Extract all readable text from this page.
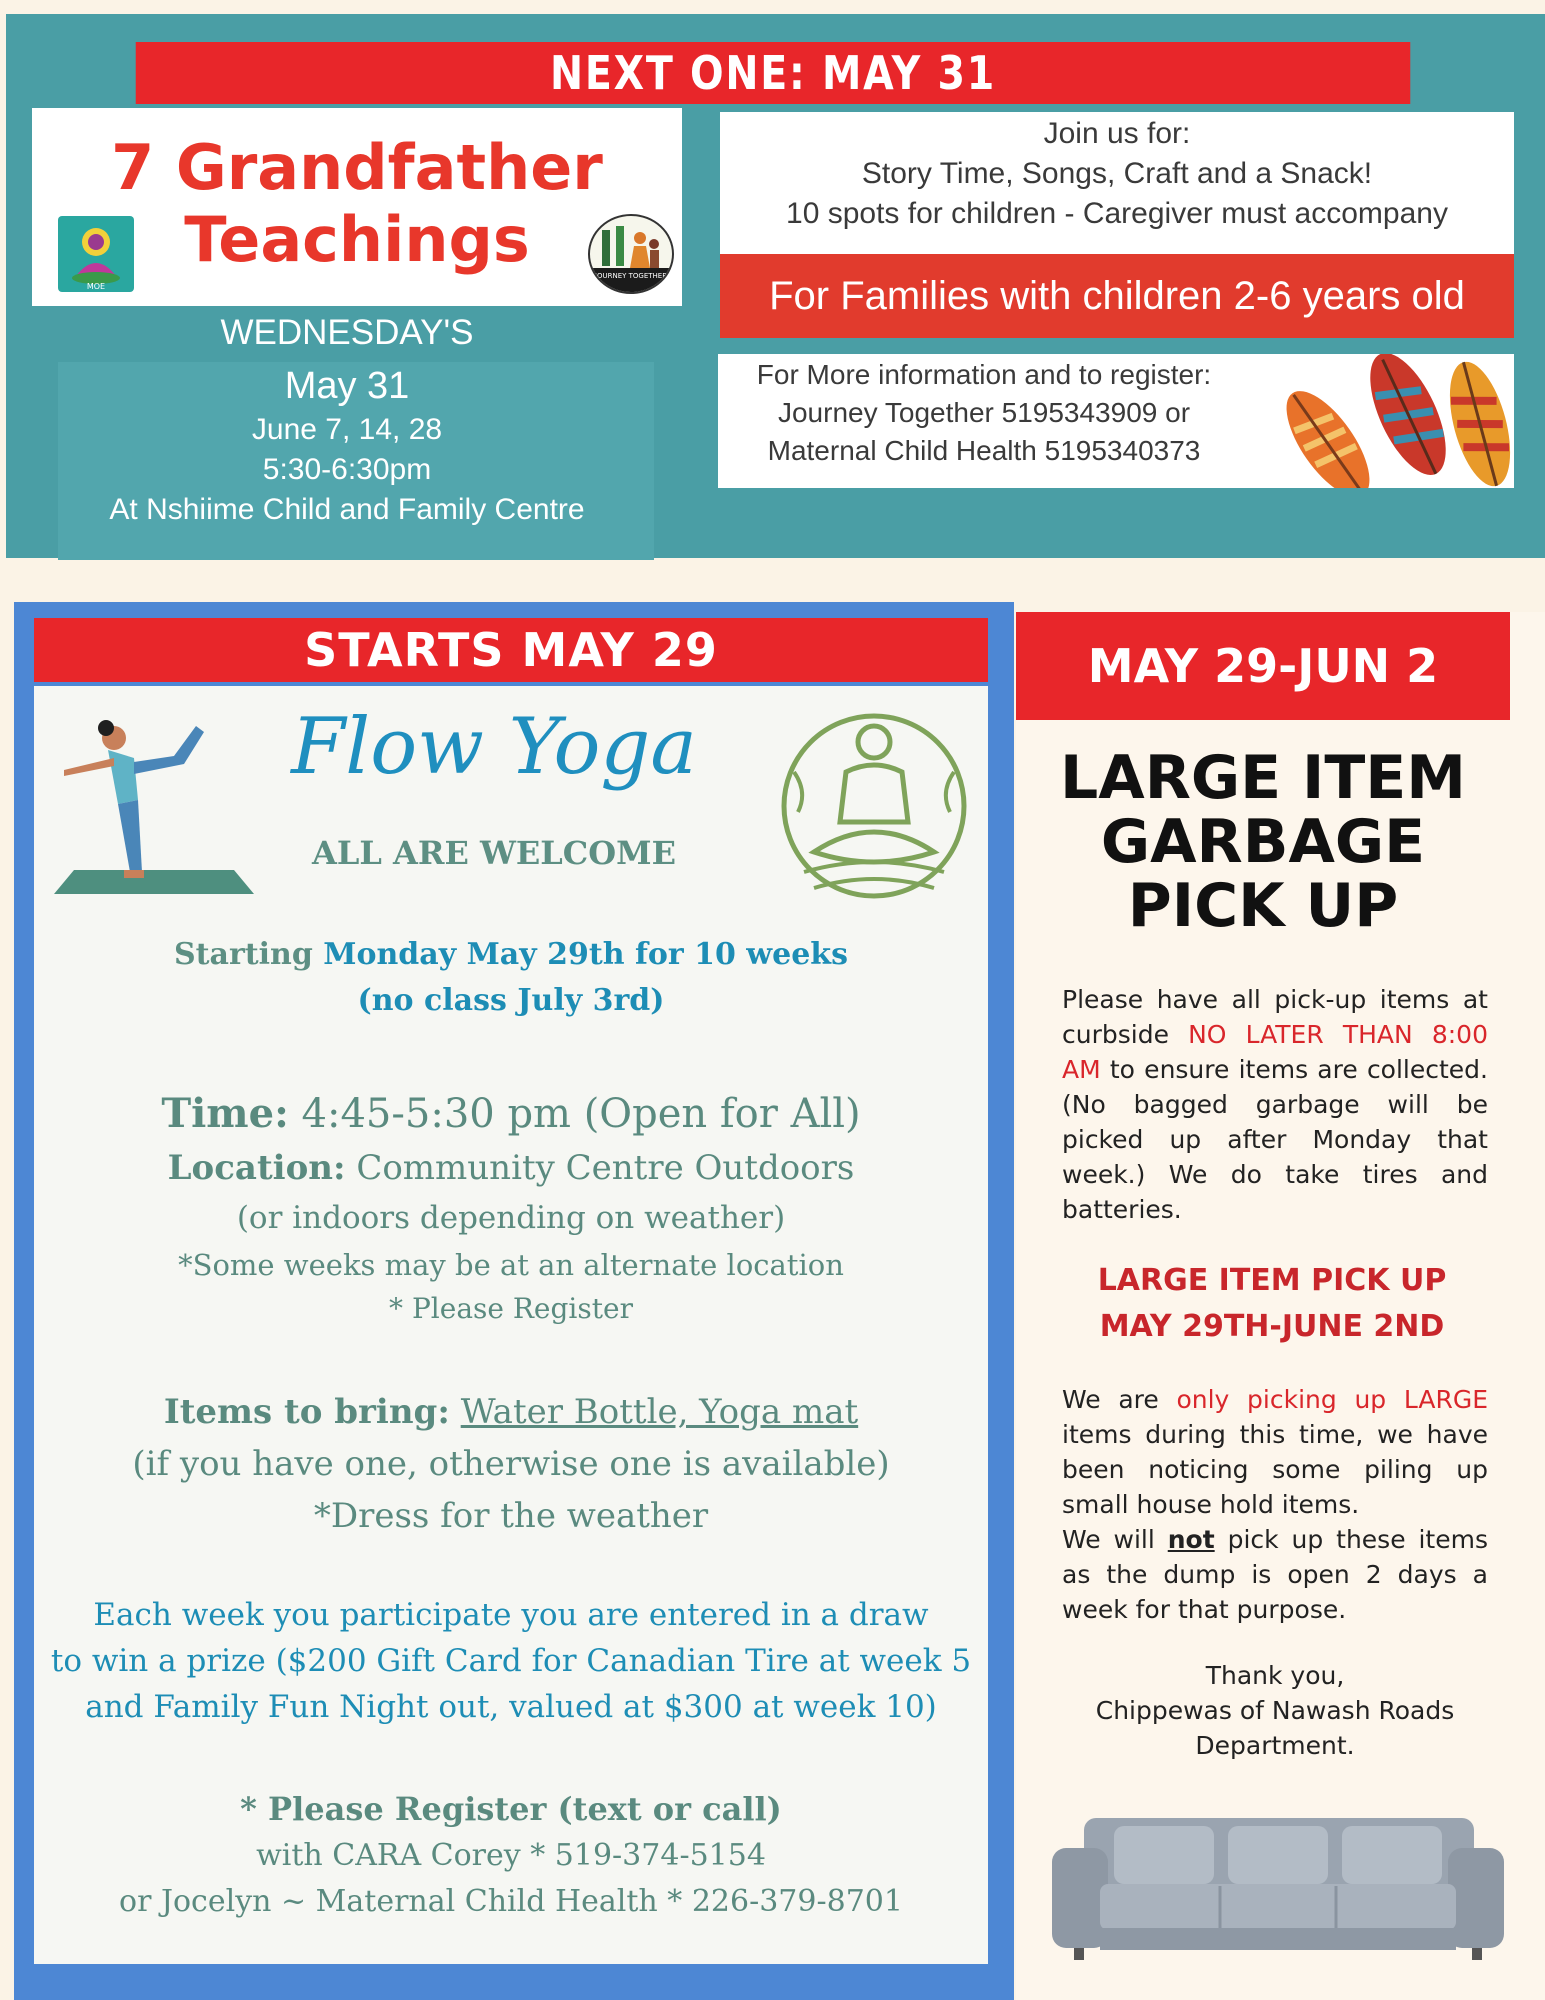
NEXT ONE: MAY 31
7 Grandfather
Teachings
MOE
JOURNEY TOGETHER
WEDNESDAY'S
May 31
June 7, 14, 28
5:30-6:30pm
At Nshiime Child and Family Centre
Join us for:
Story Time, Songs, Craft and a Snack!
10 spots for children - Caregiver must accompany
For Families with children 2-6 years old
For More information and to register:
Journey Together 5195343909 or
Maternal Child Health 5195340373
STARTS MAY 29
Flow Yoga
ALL ARE WELCOME
Starting Monday May 29th for 10 weeks
(no class July 3rd)
Time: 4:45-5:30 pm (Open for All)
Location: Community Centre Outdoors
(or indoors depending on weather)
*Some weeks may be at an alternate location
* Please Register
Items to bring: Water Bottle, Yoga mat
(if you have one, otherwise one is available)
*Dress for the weather
Each week you participate you are entered in a draw
to win a prize ($200 Gift Card for Canadian Tire at week 5
and Family Fun Night out, valued at $300 at week 10)
* Please Register (text or call)
with CARA Corey * 519-374-5154
or Jocelyn ~ Maternal Child Health * 226-379-8701
MAY 29-JUN 2
LARGE ITEM
GARBAGE
PICK UP
Please have all pick-up items at curbside NO LATER THAN 8:00 AM to ensure items are collected. (No bagged garbage will be picked up after Monday that week.) We do take tires and batteries.
LARGE ITEM PICK UP
MAY 29TH-JUNE 2ND
We are only picking up LARGE items during this time, we have been noticing some piling up small house hold items.
We will not pick up these items as the dump is open 2 days a week for that purpose.
Thank you,
Chippewas of Nawash Roads
Department.
